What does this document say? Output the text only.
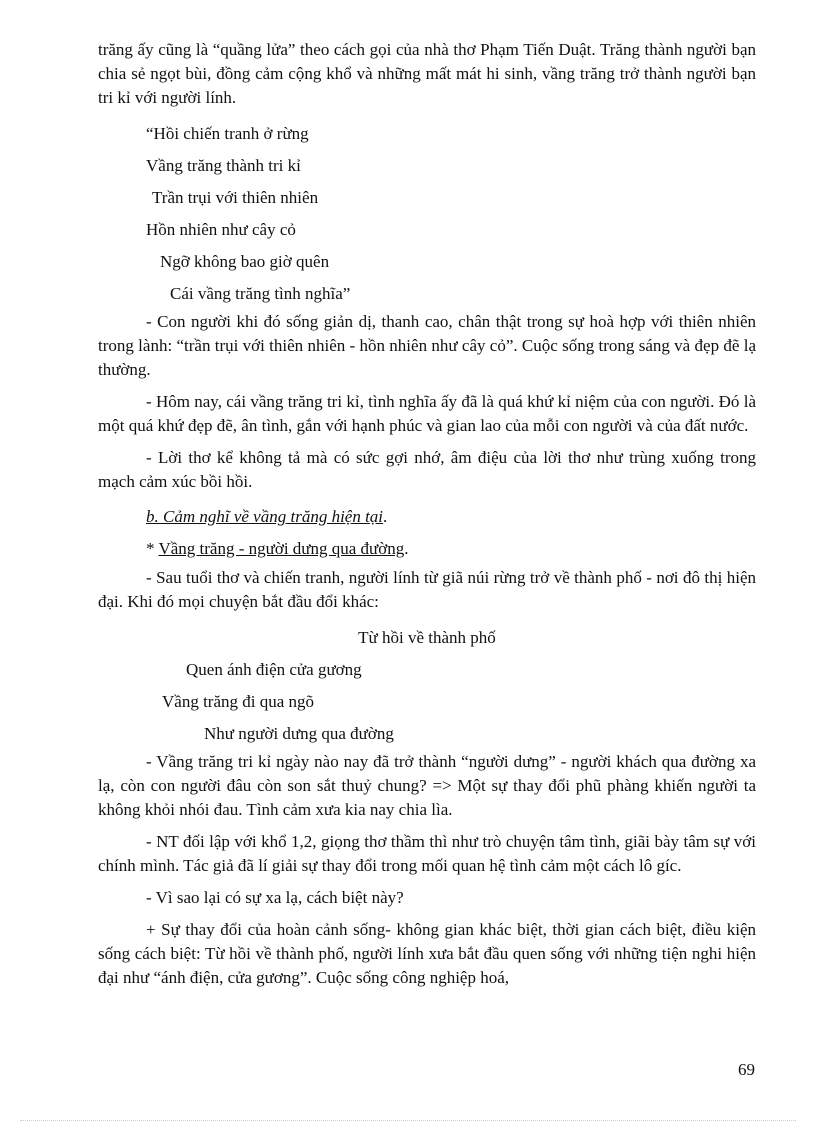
trăng ấy cũng là “quầng lửa” theo cách gọi của nhà thơ Phạm Tiến Duật. Trăng thành người bạn chia sẻ ngọt bùi, đồng cảm cộng khổ và những mất mát hi sinh, vầng trăng trở thành người bạn tri kỉ với người lính.

“Hồi chiến tranh ở rừng

Vầng trăng thành tri kỉ

Trần trụi với thiên nhiên

Hồn nhiên như cây cỏ

Ngỡ không bao giờ quên

Cái vầng trăng tình nghĩa”

- Con người khi đó sống giản dị, thanh cao, chân thật trong sự hoà hợp với thiên nhiên trong lành: “trần trụi với thiên nhiên - hồn nhiên như cây cỏ”. Cuộc sống trong sáng và đẹp đẽ lạ thường.

- Hôm nay, cái vầng trăng tri kỉ, tình nghĩa ấy đã là quá khứ kỉ niệm của con người. Đó là một quá khứ đẹp đẽ, ân tình, gắn với hạnh phúc và gian lao của mỗi con người và của đất nước.

- Lời thơ kể không tả mà có sức gợi nhớ, âm điệu của lời thơ như trùng xuống trong mạch cảm xúc bồi hồi.

b. Cảm nghĩ về vầng trăng hiện tại.

* Vầng trăng - người dưng qua đường.

- Sau tuổi thơ và chiến tranh, người lính từ giã núi rừng trở về thành phố - nơi đô thị hiện đại. Khi đó mọi chuyện bắt đầu đổi khác:

Từ hồi về thành phố

Quen ánh điện cửa gương

Vầng trăng đi qua ngõ

Như người dưng qua đường

- Vầng trăng tri kỉ ngày nào nay đã trở thành “người dưng” - người khách qua đường xa lạ, còn con người đâu còn son sắt thuỷ chung? => Một sự thay đổi phũ phàng khiến người ta không khỏi nhói đau. Tình cảm xưa kia nay chia lìa.

- NT đối lập với khổ 1,2, giọng thơ thầm thì như trò chuyện tâm tình, giãi bày tâm sự với chính mình. Tác giả đã lí giải sự thay đổi trong mối quan hệ tình cảm một cách lô gíc.

- Vì sao lại có sự xa lạ, cách biệt này?

+ Sự thay đổi của hoàn cảnh sống- không gian khác biệt, thời gian cách biệt, điều kiện sống cách biệt: Từ hồi về thành phố, người lính xưa bắt đầu quen sống với những tiện nghi hiện đại như “ánh điện, cửa gương”. Cuộc sống công nghiệp hoá,

69
